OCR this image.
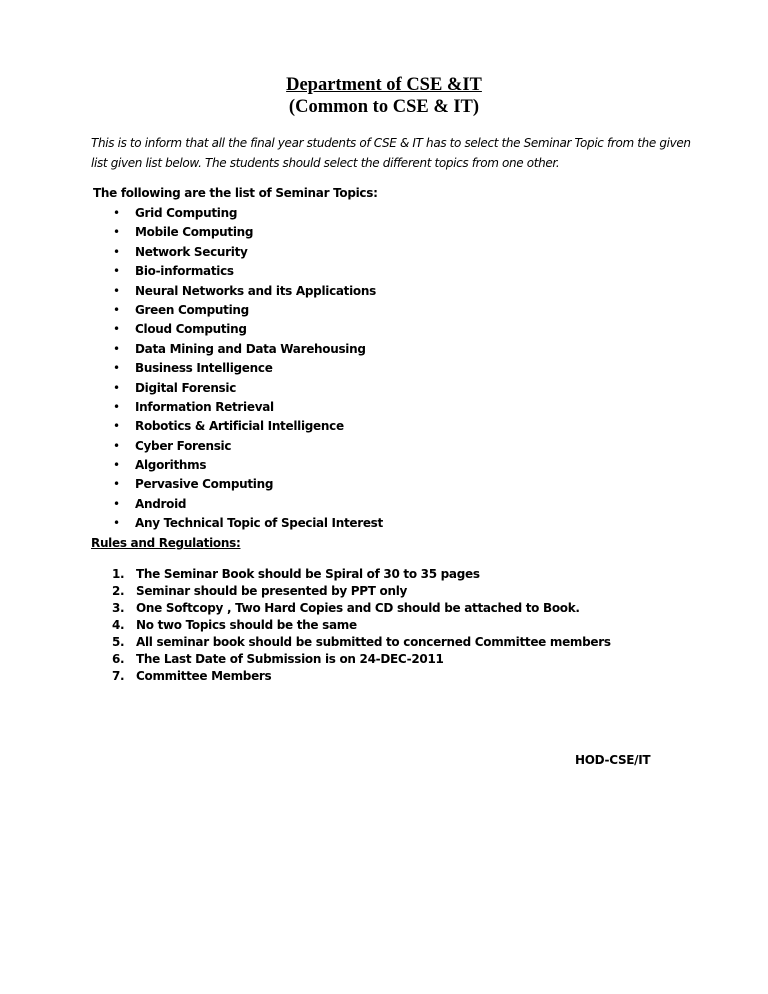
Department of CSE &IT
(Common to CSE & IT)
This is to inform that all the final year students of CSE & IT has to select the Seminar Topic from the given list given list below. The students should select the different topics from one other.
The following are the list of Seminar Topics:
• Grid Computing
• Mobile Computing
• Network Security
• Bio-informatics
• Neural Networks and its Applications
• Green Computing
• Cloud Computing
• Data Mining and Data Warehousing
• Business Intelligence
• Digital Forensic
• Information Retrieval
• Robotics & Artificial Intelligence
• Cyber Forensic
• Algorithms
• Pervasive Computing
• Android
• Any Technical Topic of Special Interest
Rules and Regulations:
1. The Seminar Book should be Spiral of 30 to 35 pages
2. Seminar should be presented by PPT only
3. One Softcopy , Two Hard Copies and CD should be attached to Book.
4. No two Topics should be the same
5. All seminar book should be submitted to concerned Committee members
6. The Last Date of Submission is on 24-DEC-2011
7. Committee Members
HOD-CSE/IT
